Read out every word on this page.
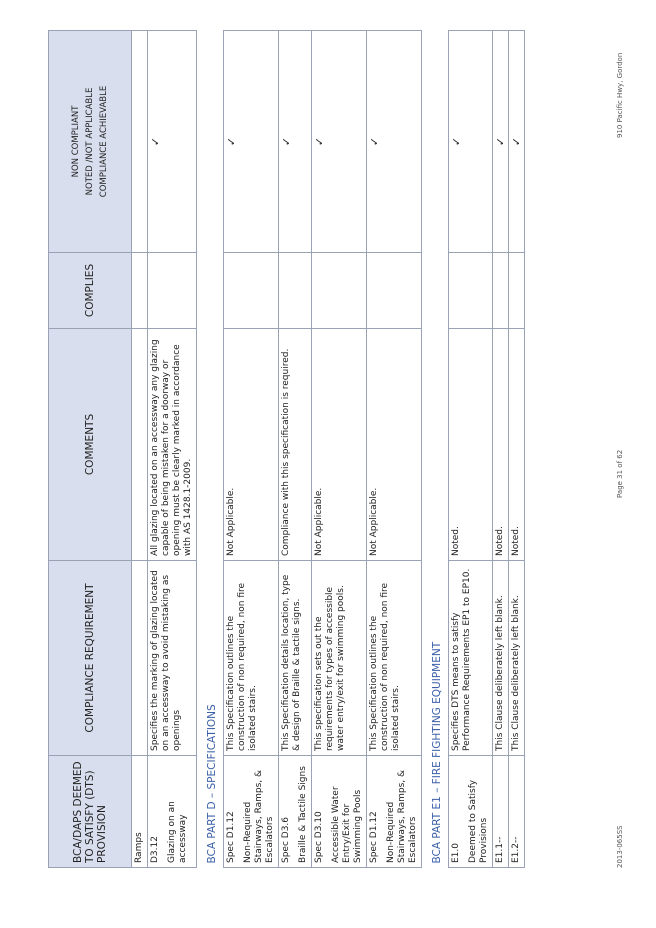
BCA/DAPS DEEMED TO SATISFY (DTS) PROVISION	COMPLIANCE REQUIREMENT	COMMENTS	COMPLIES	NON COMPLIANT NOTED /NOT APPLICABLE COMPLIANCE ACHIEVABLE

Ramps				

D3.12 Glazing on an accessway	Specifies the marking of glazing located on an accessway to avoid mistaking as openings	All glazing located on an accessway any glazing capable of being mistaken for a doorway or opening must be clearly marked in accordance with AS 1428.1-2009.		✓

BCA PART D – SPECIFICATIONS				

Spec D1.12 Non-Required Stairways, Ramps, & Escalators	This Specification outlines the construction of non required, non fire isolated stairs.	Not Applicable.		✓

Spec D3.6 Braille & Tactile Signs	This Specification details location, type & design of Braille & tactile signs.	Compliance with this specification is required.		✓

Spec D3.10 Accessible Water Entry/Exit for Swimming Pools	This specification sets out the requirements for types of accessible water entry/exit for swimming pools.	Not Applicable.		✓

Spec D1.12 Non-Required Stairways, Ramps, & Escalators	This Specification outlines the construction of non required, non fire isolated stairs.	Not Applicable.		✓

BCA PART E1 – FIRE FIGHTING EQUIPMENT				

E1.0 Deemed to Satisfy Provisions	Specifies DTS means to satisfy Performance Requirements EP1 to EP10.	Noted.		✓

E1.1--	This Clause deliberately left blank.	Noted.		✓

E1.2--	This Clause deliberately left blank.	Noted.		✓
2013-065SS
Page 31 of 62
910 Pacific Hwy, Gordon
